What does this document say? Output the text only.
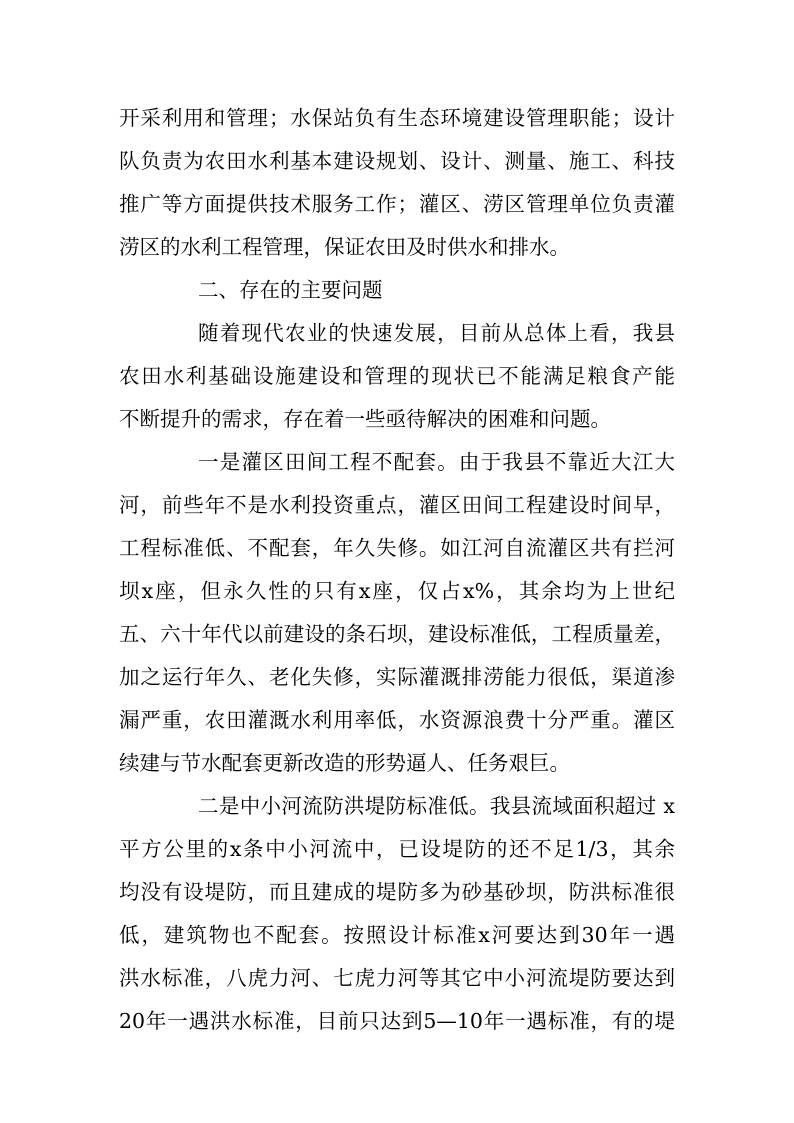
开采利用和管理；水保站负有生态环境建设管理职能；设计
队负责为农田水利基本建设规划、设计、测量、施工、科技
推广等方面提供技术服务工作；灌区、涝区管理单位负责灌
涝区的水利工程管理，保证农田及时供水和排水。
二、存在的主要问题
随着现代农业的快速发展，目前从总体上看，我县
农田水利基础设施建设和管理的现状已不能满足粮食产能
不断提升的需求，存在着一些亟待解决的困难和问题。
一是灌区田间工程不配套。由于我县不靠近大江大
河，前些年不是水利投资重点，灌区田间工程建设时间早，
工程标准低、不配套，年久失修。如江河自流灌区共有拦河
坝x座，但永久性的只有x座，仅占x%，其余均为上世纪
五、六十年代以前建设的条石坝，建设标准低，工程质量差，
加之运行年久、老化失修，实际灌溉排涝能力很低，渠道渗
漏严重，农田灌溉水利用率低，水资源浪费十分严重。灌区
续建与节水配套更新改造的形势逼人、任务艰巨。
二是中小河流防洪堤防标准低。我县流域面积超过 x
平方公里的x条中小河流中，已设堤防的还不足1/3，其余
均没有设堤防，而且建成的堤防多为砂基砂坝，防洪标准很
低，建筑物也不配套。按照设计标准x河要达到30年一遇
洪水标准，八虎力河、七虎力河等其它中小河流堤防要达到
20年一遇洪水标准，目前只达到5—10年一遇标准，有的堤
